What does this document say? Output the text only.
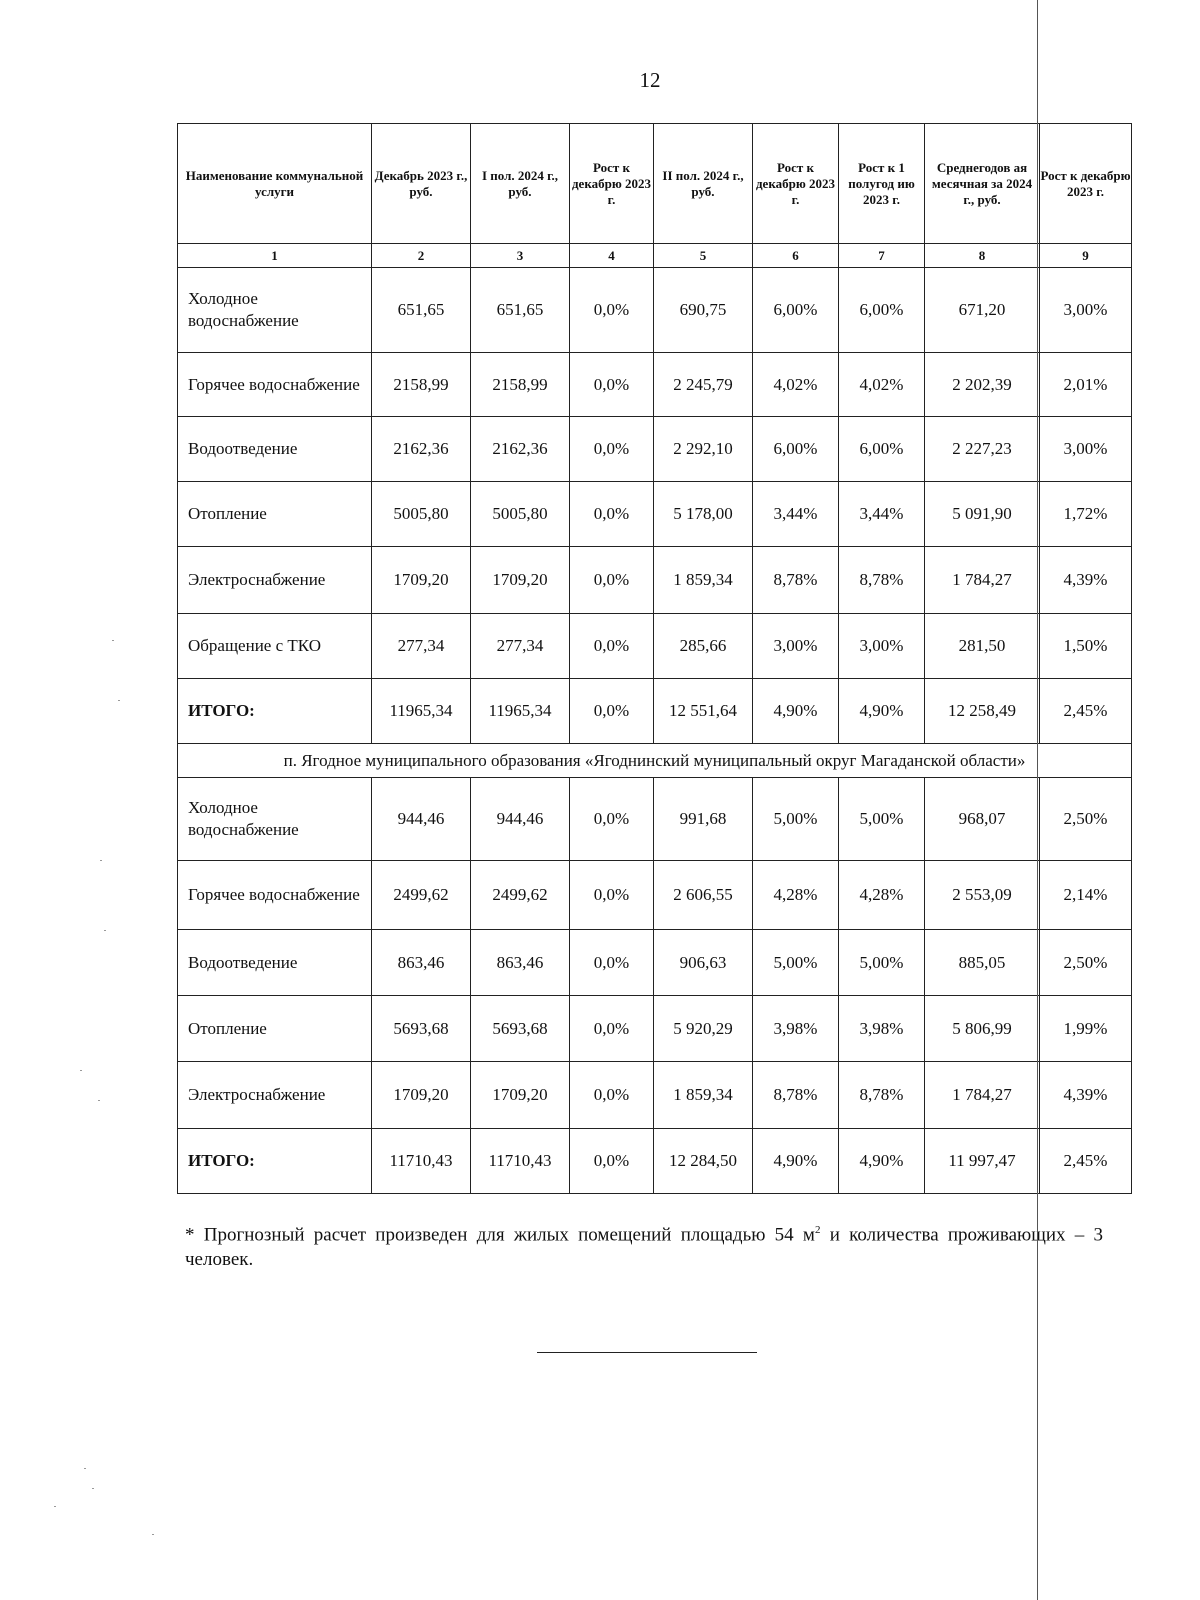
12
Наименование коммунальной услуги	Декабрь 2023 г., руб.	I пол. 2024 г., руб.	Рост к декабрю 2023 г.	II пол. 2024 г., руб.	Рост к декабрю 2023 г.	Рост к 1 полугод ию 2023 г.	Среднегодов ая месячная за 2024 г., руб.	Рост к декабрю 2023 г.
1	2	3	4	5	6	7	8	9
Холодное водоснабжение	651,65	651,65	0,0%	690,75	6,00%	6,00%	671,20	3,00%
Горячее водоснабжение	2158,99	2158,99	0,0%	2 245,79	4,02%	4,02%	2 202,39	2,01%
Водоотведение	2162,36	2162,36	0,0%	2 292,10	6,00%	6,00%	2 227,23	3,00%
Отопление	5005,80	5005,80	0,0%	5 178,00	3,44%	3,44%	5 091,90	1,72%
Электроснабжение	1709,20	1709,20	0,0%	1 859,34	8,78%	8,78%	1 784,27	4,39%
Обращение с ТКО	277,34	277,34	0,0%	285,66	3,00%	3,00%	281,50	1,50%
ИТОГО:	11965,34	11965,34	0,0%	12 551,64	4,90%	4,90%	12 258,49	2,45%
п. Ягодное муниципального образования «Ягоднинский муниципальный округ Магаданской области»								
Холодное водоснабжение	944,46	944,46	0,0%	991,68	5,00%	5,00%	968,07	2,50%
Горячее водоснабжение	2499,62	2499,62	0,0%	2 606,55	4,28%	4,28%	2 553,09	2,14%
Водоотведение	863,46	863,46	0,0%	906,63	5,00%	5,00%	885,05	2,50%
Отопление	5693,68	5693,68	0,0%	5 920,29	3,98%	3,98%	5 806,99	1,99%
Электроснабжение	1709,20	1709,20	0,0%	1 859,34	8,78%	8,78%	1 784,27	4,39%
ИТОГО:	11710,43	11710,43	0,0%	12 284,50	4,90%	4,90%	11 997,47	2,45%
* Прогнозный расчет произведен для жилых помещений площадью 54 $м^2$ и количества проживающих – 3 человек.
